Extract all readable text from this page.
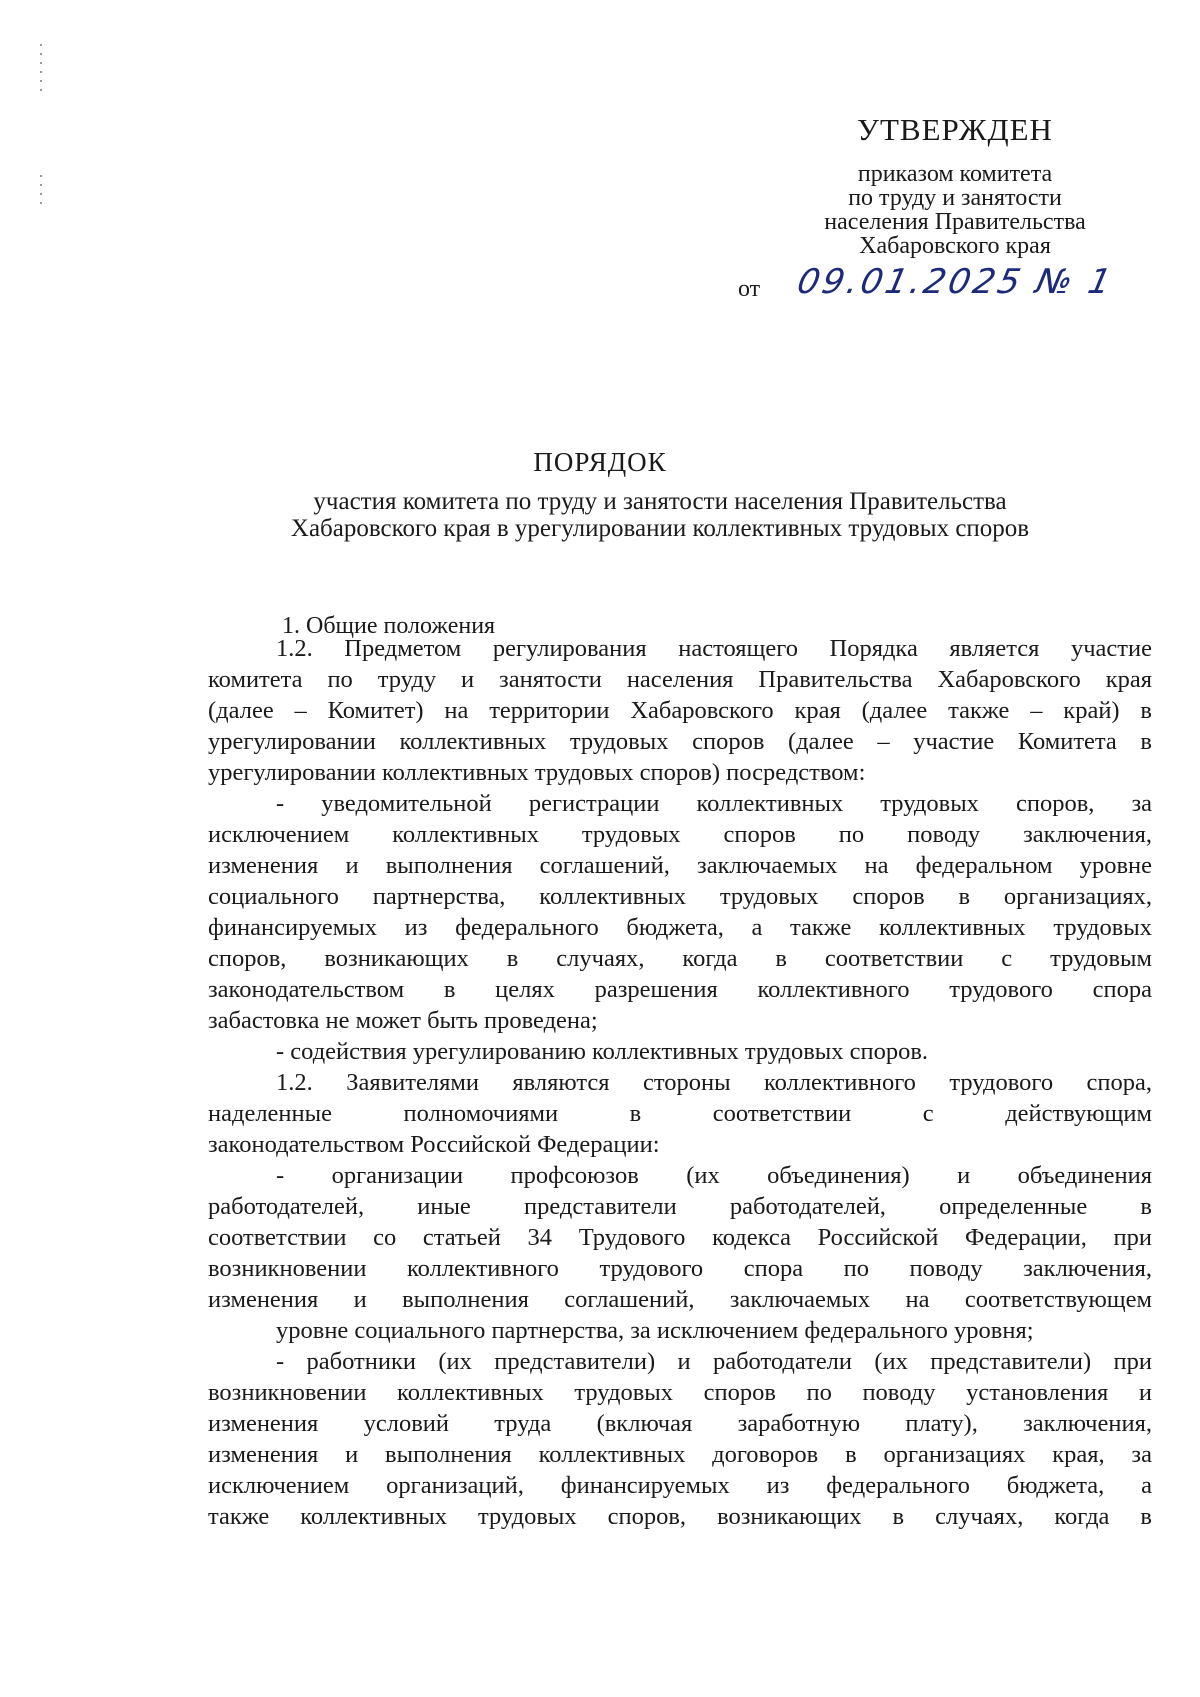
УТВЕРЖДЕН
приказом комитета
по труду и занятости
населения Правительства
Хабаровского края
от 09.01.2025 № 1
ПОРЯДОК
участия комитета по труду и занятости населения Правительства
Хабаровского края в урегулировании коллективных трудовых споров
1. Общие положения
1.2. Предметом регулирования настоящего Порядка является участие
комитета по труду и занятости населения Правительства Хабаровского края
(далее – Комитет) на территории Хабаровского края (далее также – край) в
урегулировании коллективных трудовых споров (далее – участие Комитета в
урегулировании коллективных трудовых споров) посредством:
- уведомительной регистрации коллективных трудовых споров, за
исключением коллективных трудовых споров по поводу заключения,
изменения и выполнения соглашений, заключаемых на федеральном уровне
социального партнерства, коллективных трудовых споров в организациях,
финансируемых из федерального бюджета, а также коллективных трудовых
споров, возникающих в случаях, когда в соответствии с трудовым
законодательством в целях разрешения коллективного трудового спора
забастовка не может быть проведена;
- содействия урегулированию коллективных трудовых споров.
1.2. Заявителями являются стороны коллективного трудового спора,
наделенные полномочиями в соответствии с действующим
законодательством Российской Федерации:
- организации профсоюзов (их объединения) и объединения
работодателей, иные представители работодателей, определенные в
соответствии со статьей 34 Трудового кодекса Российской Федерации, при
возникновении коллективного трудового спора по поводу заключения,
изменения и выполнения соглашений, заключаемых на соответствующем
уровне социального партнерства, за исключением федерального уровня;
- работники (их представители) и работодатели (их представители) при
возникновении коллективных трудовых споров по поводу установления и
изменения условий труда (включая заработную плату), заключения,
изменения и выполнения коллективных договоров в организациях края, за
исключением организаций, финансируемых из федерального бюджета, а
также коллективных трудовых споров, возникающих в случаях, когда в
